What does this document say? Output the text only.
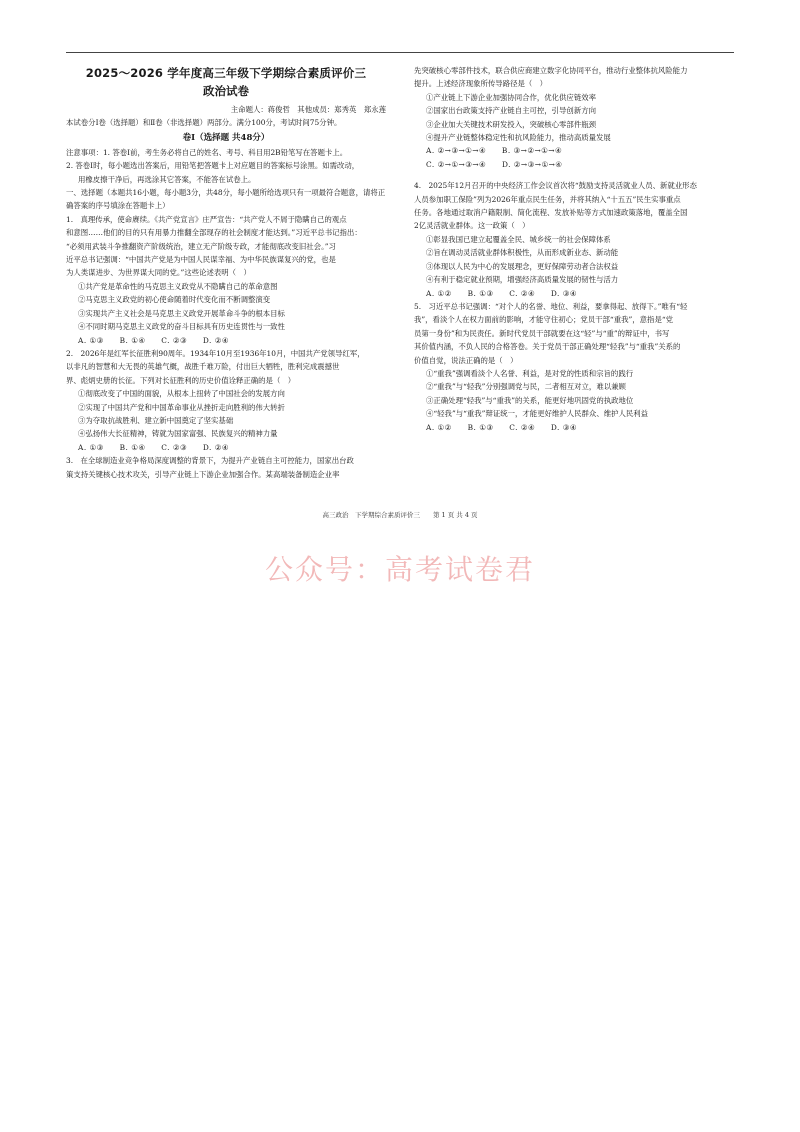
2025～2026 学年度高三年级下学期综合素质评价三
政治试卷
主命题人：蒋俊哲　其他成员：郑秀英　郑永莲
本试卷分Ⅰ卷（选择题）和Ⅱ卷（非选择题）两部分。满分100分，考试时间75分钟。
卷Ⅰ（选择题 共48分）
注意事项：1. 答卷Ⅰ前，考生务必将自己的姓名、考号、科目用2B铅笔写在答题卡上。
2. 答卷Ⅰ时，每小题选出答案后，用铅笔把答题卡上对应题目的答案标号涂黑。如需改动，
用橡皮擦干净后，再选涂其它答案，不能答在试卷上。
一、选择题（本题共16小题，每小题3分，共48分，每小题所给选项只有一项最符合题意，请将正确答案的序号填涂在答题卡上）
1.　真理传承，使命赓续。《共产党宣言》庄严宣告：“共产党人不屑于隐瞒自己的观点
和意图……他们的目的只有用暴力推翻全部现存的社会制度才能达到。”习近平总书记指出：
“必须用武装斗争推翻资产阶级统治，建立无产阶级专政，才能彻底改变旧社会。”习
近平总书记强调：“中国共产党是为中国人民谋幸福、为中华民族谋复兴的党，也是
为人类谋进步、为世界谋大同的党。”这些论述表明（　）
①共产党是革命性的马克思主义政党从不隐瞒自己的革命意图
②马克思主义政党的初心使命随着时代变化而不断调整演变
③实现共产主义社会是马克思主义政党开展革命斗争的根本目标
④不同时期马克思主义政党的奋斗目标具有历史连贯性与一致性
A. ①③　　B. ①④　　C. ②③　　D. ②④
2.　2026年是红军长征胜利90周年。1934年10月至1936年10月，中国共产党领导红军，
以非凡的智慧和大无畏的英雄气概，战胜千难万险，付出巨大牺牲，胜利完成震撼世
界、彪炳史册的长征。下列对长征胜利的历史价值诠释正确的是（　）
①彻底改变了中国的面貌，从根本上扭转了中国社会的发展方向
②实现了中国共产党和中国革命事业从挫折走向胜利的伟大转折
③为夺取抗战胜利、建立新中国奠定了坚实基础
④弘扬伟大长征精神，铸就为国家富强、民族复兴的精神力量
A. ①③　　B. ①④　　C. ②③　　D. ②④
3.　在全球制造业竞争格局深度调整的背景下，为提升产业链自主可控能力，国家出台政
策支持关键核心技术攻关，引导产业链上下游企业加强合作。某高端装备制造企业率
先突破核心零部件技术，联合供应商建立数字化协同平台，推动行业整体抗风险能力
提升。上述经济现象所传导路径是（　）
①产业链上下游企业加强协同合作，优化供应链效率
②国家出台政策支持产业链自主可控，引导创新方向
③企业加大关键技术研发投入，突破核心零部件瓶颈
④提升产业链整体稳定性和抗风险能力，推动高质量发展
A. ②→③→①→④　　B. ③→②→①→④
C. ②→①→③→④　　D. ②→③→①→④
4.　2025年12月召开的中央经济工作会议首次将“鼓励支持灵活就业人员、新就业形态
人员参加职工保险”列为2026年重点民生任务，并将其纳入“十五五”民生实事重点
任务。各地通过取消户籍限制、简化流程、发放补贴等方式加速政策落地，覆盖全国
2亿灵活就业群体。这一政策（　）
①彰显我国已建立起覆盖全民、城乡统一的社会保障体系
②旨在调动灵活就业群体积极性，从而形成新业态、新动能
③体现以人民为中心的发展理念，更好保障劳动者合法权益
④有利于稳定就业预期，增强经济高质量发展的韧性与活力
A. ①②　　B. ①③　　C. ②④　　D. ③④
5.　习近平总书记强调：“对个人的名誉、地位、利益，要拿得起、放得下。”唯有“轻
我”，看淡个人在权力面前的影响，才能守住初心；党员干部“重我”，意指是“党
员第一身份”和为民责任。新时代党员干部就要在这“轻”与“重”的辩证中，书写
其价值内涵，不负人民的合格答卷。关于党员干部正确处理“轻我”与“重我”关系的
价值自觉，说法正确的是（　）
①“重我”强调看淡个人名誉、利益，是对党的性质和宗旨的践行
②“重我”与“轻我”分别强调党与民，二者相互对立，难以兼顾
③正确处理“轻我”与“重我”的关系，能更好地巩固党的执政地位
④“轻我”与“重我”辩证统一，才能更好维护人民群众、维护人民利益
A. ①②　　B. ①③　　C. ②④　　D. ③④
高三政治　下学期综合素质评价三　　第 1 页 共 4 页
公众号：高考试卷君
